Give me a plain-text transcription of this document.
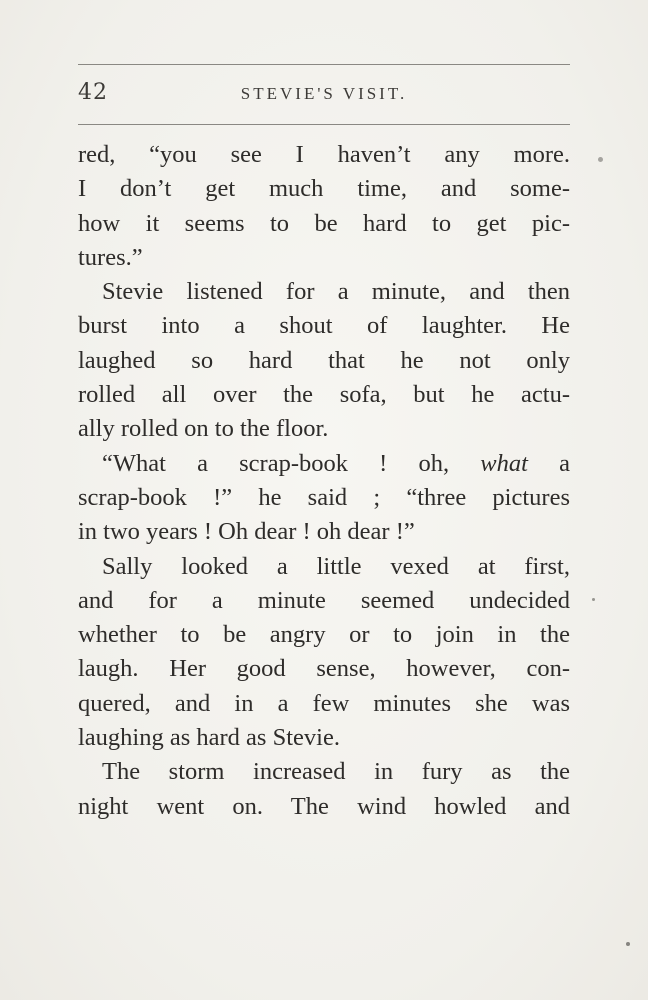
42	STEVIE'S VISIT.
red, “you see I haven’t any more.
I don’t get much time, and some-
how it seems to be hard to get pic-
tures.”
Stevie listened for a minute, and then
burst into a shout of laughter. He
laughed so hard that he not only
rolled all over the sofa, but he actu-
ally rolled on to the floor.
“What a scrap-book ! oh, what a
scrap-book !” he said ; “three pictures
in two years ! Oh dear ! oh dear !”
Sally looked a little vexed at first,
and for a minute seemed undecided
whether to be angry or to join in the
laugh. Her good sense, however, con-
quered, and in a few minutes she was
laughing as hard as Stevie.
The storm increased in fury as the
night went on. The wind howled and
